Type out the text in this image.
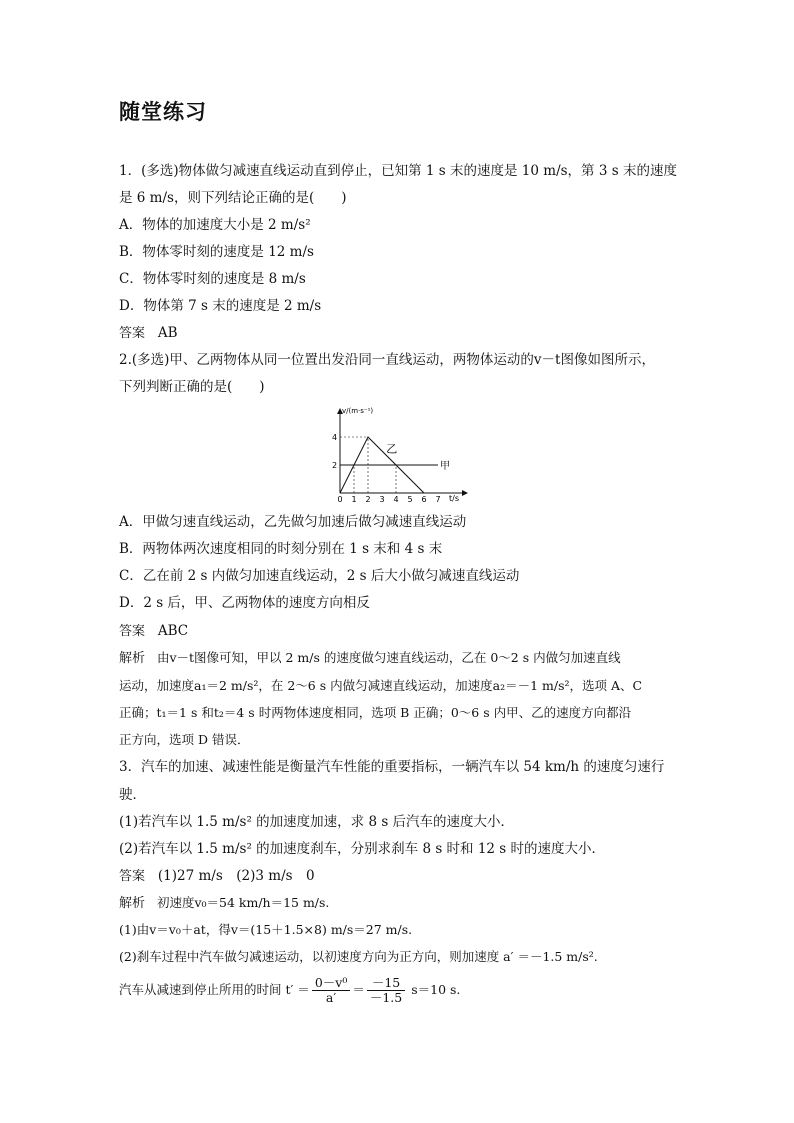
随堂练习
1．(多选)物体做匀减速直线运动直到停止，已知第 1 s 末的速度是 10 m/s，第 3 s 末的速度
是 6 m/s，则下列结论正确的是(　　)
A．物体的加速度大小是 2 m/s²
B．物体零时刻的速度是 12 m/s
C．物体零时刻的速度是 8 m/s
D．物体第 7 s 末的速度是 2 m/s
答案 AB
2.(多选)甲、乙两物体从同一位置出发沿同一直线运动，两物体运动的v－t图像如图所示，
下列判断正确的是(　　)
v/(m·s⁻¹)
t/s
0 1 2 3 4 5 6 7
2
4
甲
乙
A．甲做匀速直线运动，乙先做匀加速后做匀减速直线运动
B．两物体两次速度相同的时刻分别在 1 s 末和 4 s 末
C．乙在前 2 s 内做匀加速直线运动，2 s 后大小做匀减速直线运动
D．2 s 后，甲、乙两物体的速度方向相反
答案 ABC
解析 由v－t图像可知，甲以 2 m/s 的速度做匀速直线运动，乙在 0～2 s 内做匀加速直线
运动，加速度a₁＝2 m/s²，在 2～6 s 内做匀减速直线运动，加速度a₂＝－1 m/s²，选项 A、C
正确；t₁＝1 s 和t₂＝4 s 时两物体速度相同，选项 B 正确；0～6 s 内甲、乙的速度方向都沿
正方向，选项 D 错误．
3．汽车的加速、减速性能是衡量汽车性能的重要指标，一辆汽车以 54 km/h 的速度匀速行
驶．
(1)若汽车以 1.5 m/s² 的加速度加速，求 8 s 后汽车的速度大小．
(2)若汽车以 1.5 m/s² 的加速度刹车，分别求刹车 8 s 时和 12 s 时的速度大小．
答案 (1)27 m/s　(2)3 m/s　0
解析 初速度v₀＝54 km/h＝15 m/s.
(1)由v＝v₀＋at，得v＝(15＋1.5×8) m/s＝27 m/s.
(2)刹车过程中汽车做匀减速运动，以初速度方向为正方向，则加速度 a′ ＝－1.5 m/s².
汽车从减速到停止所用的时间 $t' = \frac{\text{0－v⁰}}{a'} = \frac{-15}{-1.5} s=10$ s.
